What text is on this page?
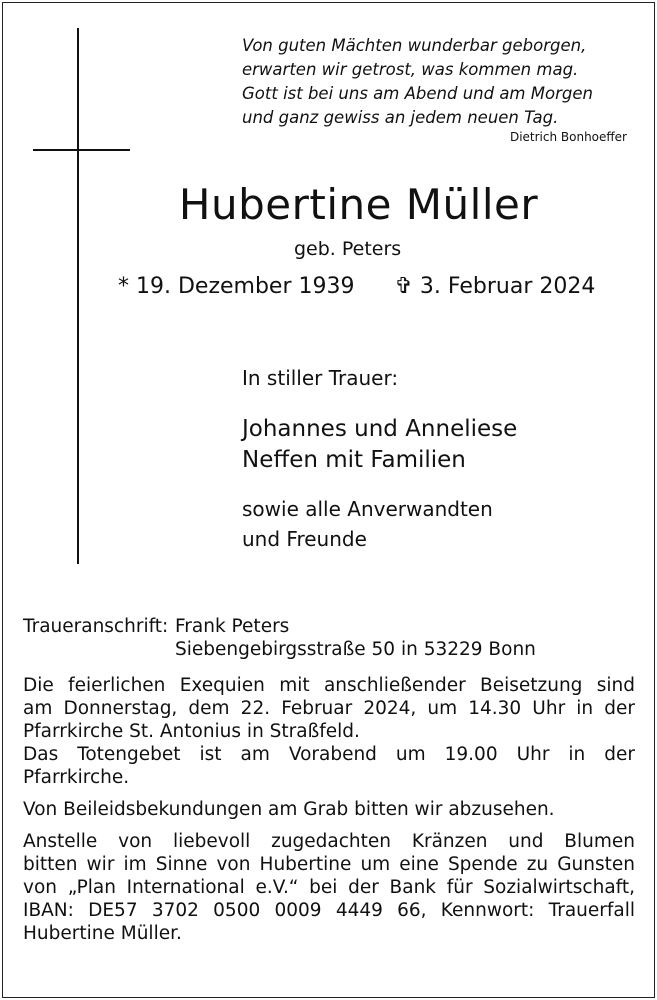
Von guten Mächten wunderbar geborgen,
erwarten wir getrost, was kommen mag.
Gott ist bei uns am Abend und am Morgen
und ganz gewiss an jedem neuen Tag.
Dietrich Bonhoeffer
Hubertine Müller
geb. Peters
* 19. Dezember 1939 ✞ 3. Februar 2024
In stiller Trauer:
Johannes und Anneliese
Neffen mit Familien
sowie alle Anverwandten
und Freunde
Traueranschrift: Frank Peters
Siebengebirgsstraße 50 in 53229 Bonn
Die feierlichen Exequien mit anschließender Beisetzung sind
am Donnerstag, dem 22. Februar 2024, um 14.30 Uhr in der
Pfarrkirche St. Antonius in Straßfeld.
Das Totengebet ist am Vorabend um 19.00 Uhr in der
Pfarrkirche.
Von Beileidsbekundungen am Grab bitten wir abzusehen.
Anstelle von liebevoll zugedachten Kränzen und Blumen
bitten wir im Sinne von Hubertine um eine Spende zu Gunsten
von „Plan International e.V.“ bei der Bank für Sozialwirtschaft,
IBAN: DE57 3702 0500 0009 4449 66, Kennwort: Trauerfall
Hubertine Müller.
